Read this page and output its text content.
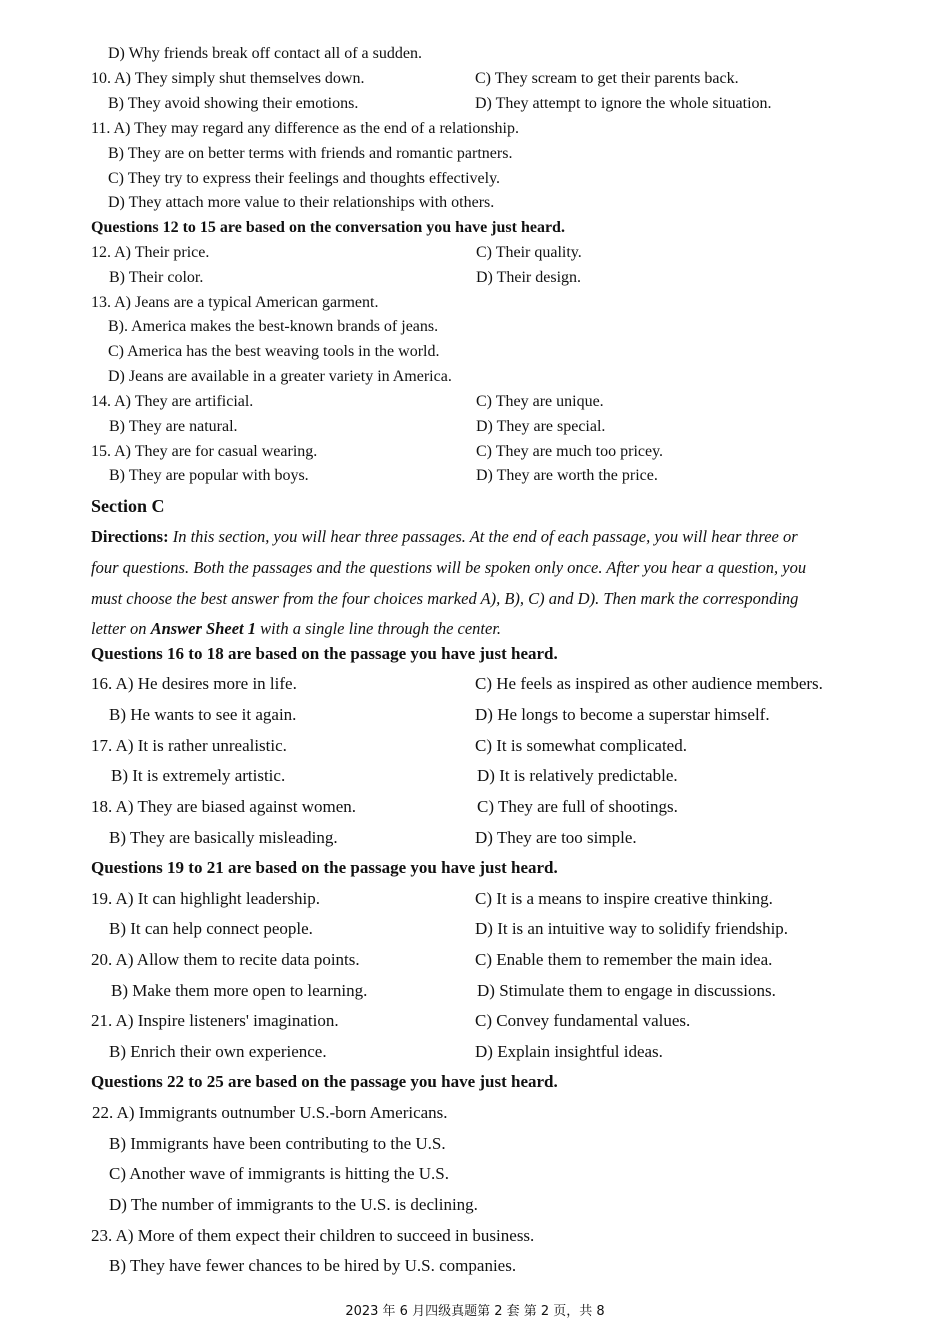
D) Why friends break off contact all of a sudden.
10. A) They simply shut themselves down.	C) They scream to get their parents back.
B) They avoid showing their emotions.	D) They attempt to ignore the whole situation.
11. A) They may regard any difference as the end of a relationship.
B) They are on better terms with friends and romantic partners.
C) They try to express their feelings and thoughts effectively.
D) They attach more value to their relationships with others.
Questions 12 to 15 are based on the conversation you have just heard.
12. A) Their price.	C) Their quality.
B) Their color.	D) Their design.
13. A) Jeans are a typical American garment.
B). America makes the best-known brands of jeans.
C) America has the best weaving tools in the world.
D) Jeans are available in a greater variety in America.
14. A) They are artificial.	C) They are unique.
B) They are natural.	D) They are special.
15. A) They are for casual wearing.	C) They are much too pricey.
B) They are popular with boys.	D) They are worth the price.
Section C
Directions: In this section, you will hear three passages. At the end of each passage, you will hear three or
four questions. Both the passages and the questions will be spoken only once. After you hear a question, you
must choose the best answer from the four choices marked A), B), C) and D). Then mark the corresponding
letter on Answer Sheet 1 with a single line through the center.
Questions 16 to 18 are based on the passage you have just heard.
16. A) He desires more in life.	C) He feels as inspired as other audience members.
B) He wants to see it again.	D) He longs to become a superstar himself.
17. A) It is rather unrealistic.	C) It is somewhat complicated.
B) It is extremely artistic.	D) It is relatively predictable.
18. A) They are biased against women.	C) They are full of shootings.
B) They are basically misleading.	D) They are too simple.
Questions 19 to 21 are based on the passage you have just heard.
19. A) It can highlight leadership.	C) It is a means to inspire creative thinking.
B) It can help connect people.	D) It is an intuitive way to solidify friendship.
20. A) Allow them to recite data points.	C) Enable them to remember the main idea.
B) Make them more open to learning.	D) Stimulate them to engage in discussions.
21. A) Inspire listeners' imagination.	C) Convey fundamental values.
B) Enrich their own experience.	D) Explain insightful ideas.
Questions 22 to 25 are based on the passage you have just heard.
22. A) Immigrants outnumber U.S.-born Americans.
B) Immigrants have been contributing to the U.S.
C) Another wave of immigrants is hitting the U.S.
D) The number of immigrants to the U.S. is declining.
23. A) More of them expect their children to succeed in business.
B) They have fewer chances to be hired by U.S. companies.
2023 年 6 月四级真题第 2 套 第 2 页，共 8
